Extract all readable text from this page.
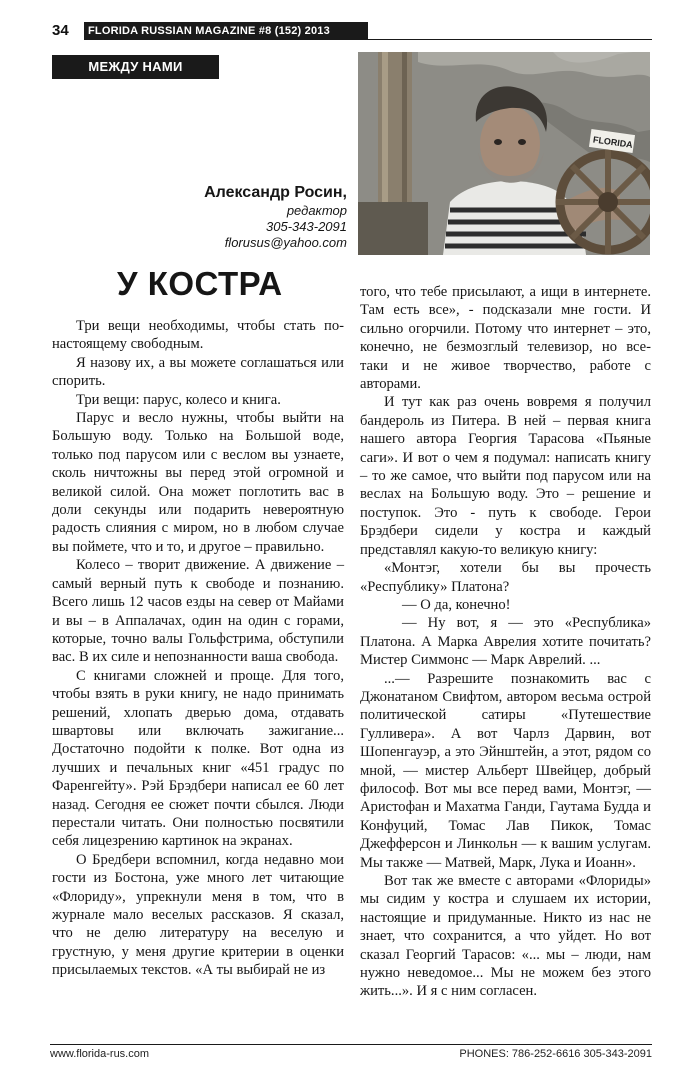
34	FLORIDA RUSSIAN MAGAZINE #8 (152) 2013
МЕЖДУ НАМИ
FLORIDA
Александр Росин,
редактор
305-343-2091
florusus@yahoo.com
У КОСТРА

Три вещи необходимы, чтобы стать по-настоящему свободным.

Я назову их, а вы можете соглашаться или спорить.

Три вещи: парус, колесо и книга.

Парус и весло нужны, чтобы выйти на Большую воду. Только на Большой воде, только под парусом или с веслом вы узнаете, сколь ничтожны вы перед этой огромной и великой силой. Она может поглотить вас в доли секунды или подарить невероятную радость слияния с миром, но в любом случае вы поймете, что и то, и другое – правильно.

Колесо – творит движение. А движение – самый верный путь к свободе и познанию. Всего лишь 12 часов езды на север от Майами и вы – в Аппалачах, один на один с горами, которые, точно валы Гольфстрима, обступили вас. В их силе и непознанности ваша свобода.

С книгами сложней и проще. Для того, чтобы взять в руки книгу, не надо принимать решений, хлопать дверью дома, отдавать швартовы или включать зажигание... Достаточно подойти к полке. Вот одна из лучших и печальных книг «451 градус по Фаренгейту». Рэй Брэдбери написал ее 60 лет назад. Сегодня ее сюжет почти сбылся. Люди перестали читать. Они полностью посвятили себя лицезрению картинок на экранах.

О Бредбери вспомнил, когда недавно мои гости из Бостона, уже много лет читающие «Флориду», упрекнули меня в том, что в журнале мало веселых рассказов. Я сказал, что не делю литературу на веселую и грустную, у меня другие критерии в оценки присылаемых текстов. «А ты выбирай не из

того, что тебе присылают, а ищи в интернете. Там есть все», - подсказали мне гости. И сильно огорчили. Потому что интернет – это, конечно, не безмозглый телевизор, но все-таки и не живое творчество, работе с авторами.

И тут как раз очень вовремя я получил бандероль из Питера. В ней – первая книга нашего автора Георгия Тарасова «Пьяные саги». И вот о чем я подумал: написать книгу – то же самое, что выйти под парусом или на веслах на Большую воду. Это – решение и поступок. Это - путь к свободе. Герои Брэдбери сидели у костра и каждый представлял какую-то великую книгу:

«Монтэг, хотели бы вы прочесть «Республику» Платона?

— О да, конечно!

— Ну вот, я — это «Республика» Платона. А Марка Аврелия хотите почитать? Мистер Симмонс — Марк Аврелий. ...

...— Разрешите познакомить вас с Джонатаном Свифтом, автором весьма острой политической сатиры «Путешествие Гулливера». А вот Чарлз Дарвин, вот Шопенгауэр, а это Эйнштейн, а этот, рядом со мной, — мистер Альберт Швейцер, добрый философ. Вот мы все перед вами, Монтэг, — Аристофан и Махатма Ганди, Гаутама Будда и Конфуций, Томас Лав Пикок, Томас Джефферсон и Линкольн — к вашим услугам. Мы также — Матвей, Марк, Лука и Иоанн».

Вот так же вместе с авторами «Флориды» мы сидим у костра и слушаем их истории, настоящие и придуманные. Никто из нас не знает, что сохранится, а что уйдет. Но вот сказал Георгий Тарасов: «... мы – люди, нам нужно неведомое... Мы не можем без этого жить...». И я с ним согласен.

www.florida-rus.com	PHONES: 786-252-6616 305-343-2091
